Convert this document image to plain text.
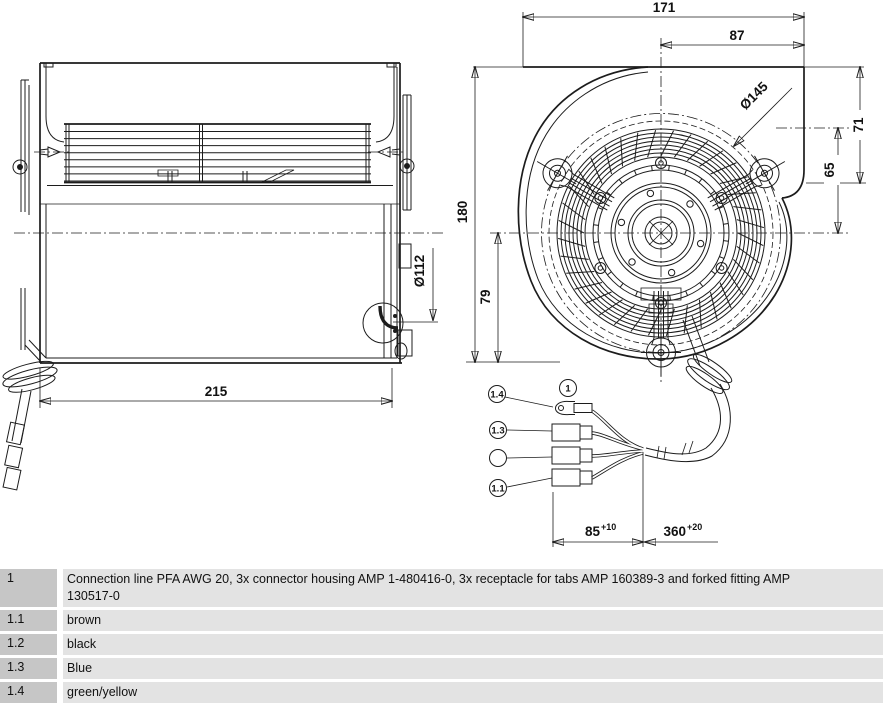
215
Ø112
1
1.4
1.3
1.1
85 +10	360 +20
171
87
180
79
71
65
Ø145
1	Connection line PFA AWG 20, 3x connector housing AMP 1-480416-0, 3x receptacle for tabs AMP 160389-3 and forked fitting AMP 130517-0
1.1	brown
1.2	black
1.3	Blue
1.4	green/yellow
